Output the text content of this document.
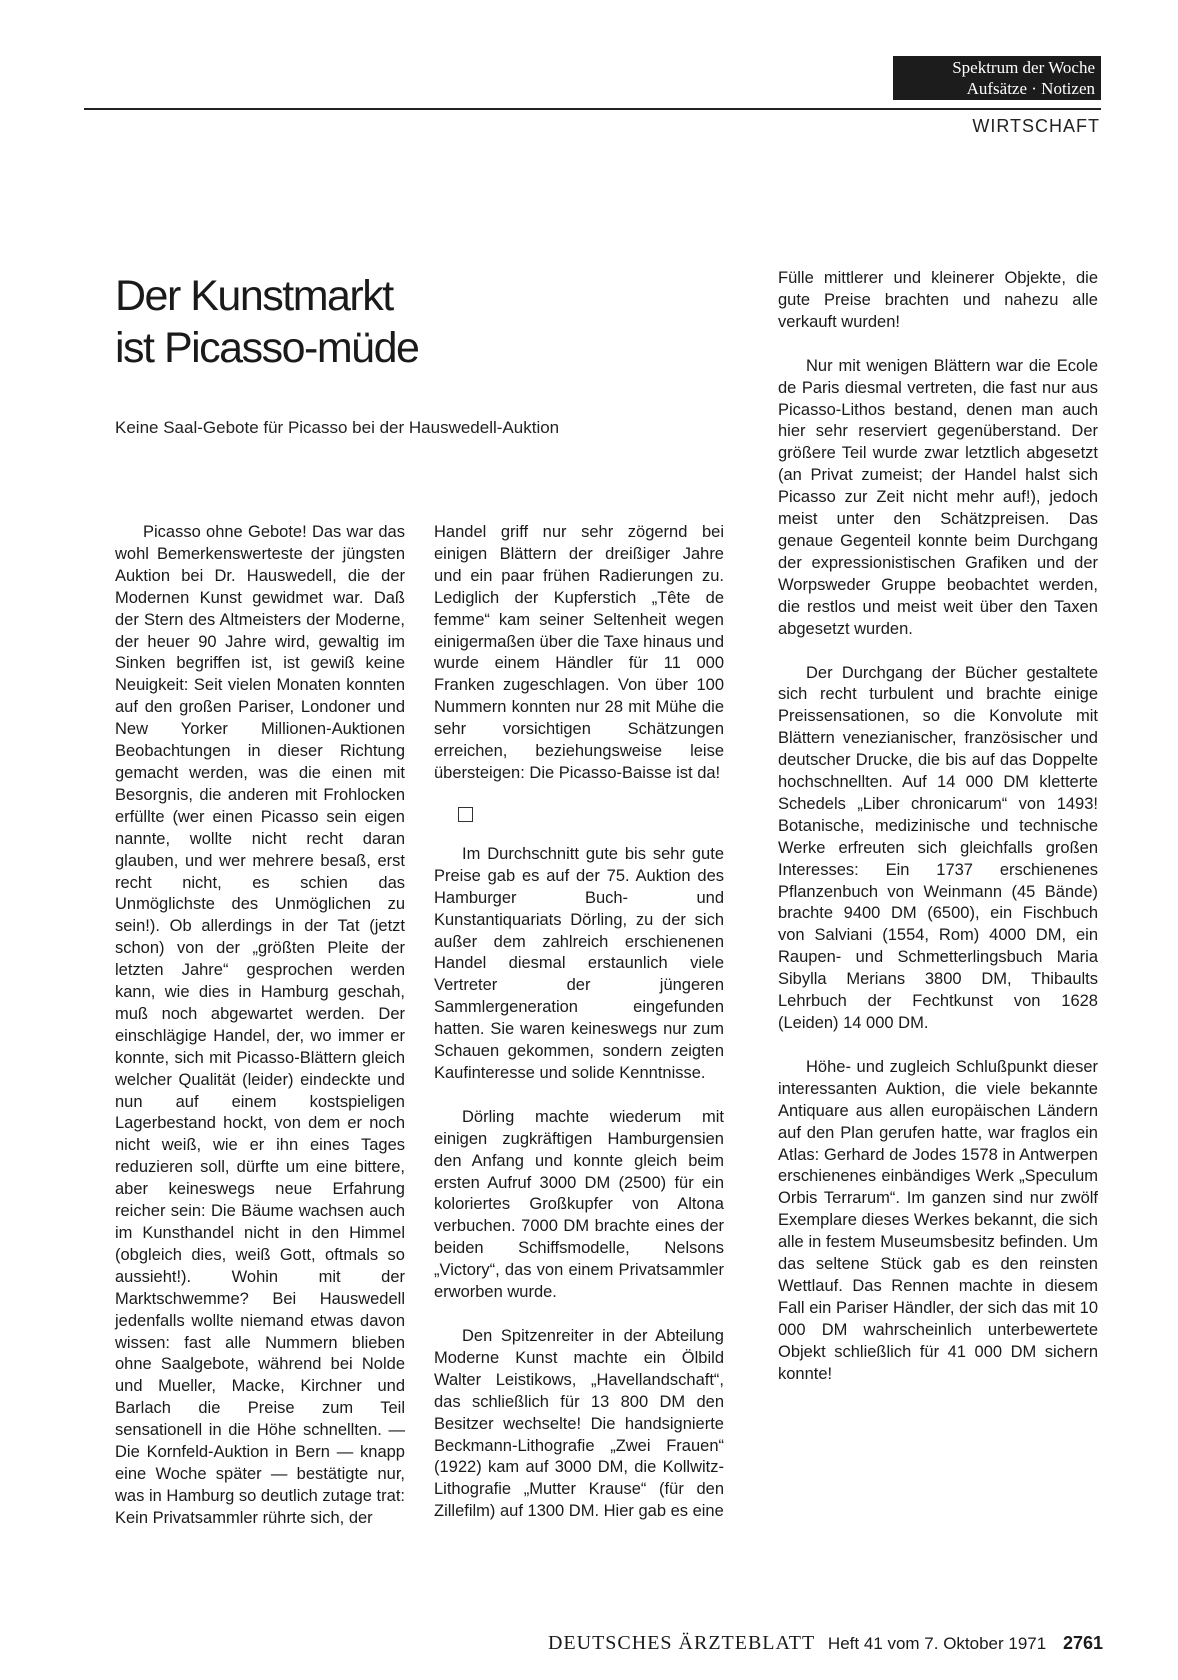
Spektrum der Woche
Aufsätze · Notizen
WIRTSCHAFT
Der Kunstmarkt
ist Picasso-müde
Keine Saal-Gebote für Picasso bei der Hauswedell-Auktion

Picasso ohne Gebote! Das war das wohl Bemerkenswerteste der jüngsten Auktion bei Dr. Hauswedell, die der Modernen Kunst gewidmet war. Daß der Stern des Altmeisters der Moderne, der heuer 90 Jahre wird, gewaltig im Sinken begriffen ist, ist gewiß keine Neuigkeit: Seit vielen Monaten konnten auf den großen Pariser, Londoner und New Yorker Millionen-Auktionen Beobachtungen in dieser Richtung gemacht werden, was die einen mit Besorgnis, die anderen mit Frohlocken erfüllte (wer einen Picasso sein eigen nannte, wollte nicht recht daran glauben, und wer mehrere besaß, erst recht nicht, es schien das Unmöglichste des Unmöglichen zu sein!). Ob allerdings in der Tat (jetzt schon) von der „größten Pleite der letzten Jahre“ gesprochen werden kann, wie dies in Hamburg geschah, muß noch abgewartet werden. Der einschlägige Handel, der, wo immer er konnte, sich mit Picasso-Blättern gleich welcher Qualität (leider) eindeckte und nun auf einem kostspieligen Lagerbestand hockt, von dem er noch nicht weiß, wie er ihn eines Tages reduzieren soll, dürfte um eine bittere, aber keineswegs neue Erfahrung reicher sein: Die Bäume wachsen auch im Kunsthandel nicht in den Himmel (obgleich dies, weiß Gott, oftmals so aussieht!). Wohin mit der Marktschwemme? Bei Hauswedell jedenfalls wollte niemand etwas davon wissen: fast alle Nummern blieben ohne Saalgebote, während bei Nolde und Mueller, Macke, Kirchner und Barlach die Preise zum Teil sensationell in die Höhe schnellten. — Die Kornfeld-Auktion in Bern — knapp eine Woche später — bestätigte nur, was in Hamburg so deutlich zutage trat: Kein Privatsammler rührte sich, der

Handel griff nur sehr zögernd bei einigen Blättern der dreißiger Jahre und ein paar frühen Radierungen zu. Lediglich der Kupferstich „Tête de femme“ kam seiner Seltenheit wegen einigermaßen über die Taxe hinaus und wurde einem Händler für 11 000 Franken zugeschlagen. Von über 100 Nummern konnten nur 28 mit Mühe die sehr vorsichtigen Schätzungen erreichen, beziehungsweise leise übersteigen: Die Picasso-Baisse ist da!

Im Durchschnitt gute bis sehr gute Preise gab es auf der 75. Auktion des Hamburger Buch- und Kunstantiquariats Dörling, zu der sich außer dem zahlreich erschienenen Handel diesmal erstaunlich viele Vertreter der jüngeren Sammlergeneration eingefunden hatten. Sie waren keineswegs nur zum Schauen gekommen, sondern zeigten Kaufinteresse und solide Kenntnisse.

Dörling machte wiederum mit einigen zugkräftigen Hamburgensien den Anfang und konnte gleich beim ersten Aufruf 3000 DM (2500) für ein koloriertes Großkupfer von Altona verbuchen. 7000 DM brachte eines der beiden Schiffsmodelle, Nelsons „Victory“, das von einem Privatsammler erworben wurde.

Den Spitzenreiter in der Abteilung Moderne Kunst machte ein Ölbild Walter Leistikows, „Havellandschaft“, das schließlich für 13 800 DM den Besitzer wechselte! Die handsignierte Beckmann-Lithografie „Zwei Frauen“ (1922) kam auf 3000 DM, die Kollwitz-Lithografie „Mutter Krause“ (für den Zillefilm) auf 1300 DM. Hier gab es eine

Fülle mittlerer und kleinerer Objekte, die gute Preise brachten und nahezu alle verkauft wurden!

Nur mit wenigen Blättern war die Ecole de Paris diesmal vertreten, die fast nur aus Picasso-Lithos bestand, denen man auch hier sehr reserviert gegenüberstand. Der größere Teil wurde zwar letztlich abgesetzt (an Privat zumeist; der Handel halst sich Picasso zur Zeit nicht mehr auf!), jedoch meist unter den Schätzpreisen. Das genaue Gegenteil konnte beim Durchgang der expressionistischen Grafiken und der Worpsweder Gruppe beobachtet werden, die restlos und meist weit über den Taxen abgesetzt wurden.

Der Durchgang der Bücher gestaltete sich recht turbulent und brachte einige Preissensationen, so die Konvolute mit Blättern venezianischer, französischer und deutscher Drucke, die bis auf das Doppelte hochschnellten. Auf 14 000 DM kletterte Schedels „Liber chronicarum“ von 1493! Botanische, medizinische und technische Werke erfreuten sich gleichfalls großen Interesses: Ein 1737 erschienenes Pflanzenbuch von Weinmann (45 Bände) brachte 9400 DM (6500), ein Fischbuch von Salviani (1554, Rom) 4000 DM, ein Raupen- und Schmetterlingsbuch Maria Sibylla Merians 3800 DM, Thibaults Lehrbuch der Fechtkunst von 1628 (Leiden) 14 000 DM.

Höhe- und zugleich Schlußpunkt dieser interessanten Auktion, die viele bekannte Antiquare aus allen europäischen Ländern auf den Plan gerufen hatte, war fraglos ein Atlas: Gerhard de Jodes 1578 in Antwerpen erschienenes einbändiges Werk „Speculum Orbis Terrarum“. Im ganzen sind nur zwölf Exemplare dieses Werkes bekannt, die sich alle in festem Museumsbesitz befinden. Um das seltene Stück gab es den reinsten Wettlauf. Das Rennen machte in diesem Fall ein Pariser Händler, der sich das mit 10 000 DM wahrscheinlich unterbewertete Objekt schließlich für 41 000 DM sichern konnte!

DEUTSCHES ÄRZTEBLATT Heft 41 vom 7. Oktober 1971 2761
